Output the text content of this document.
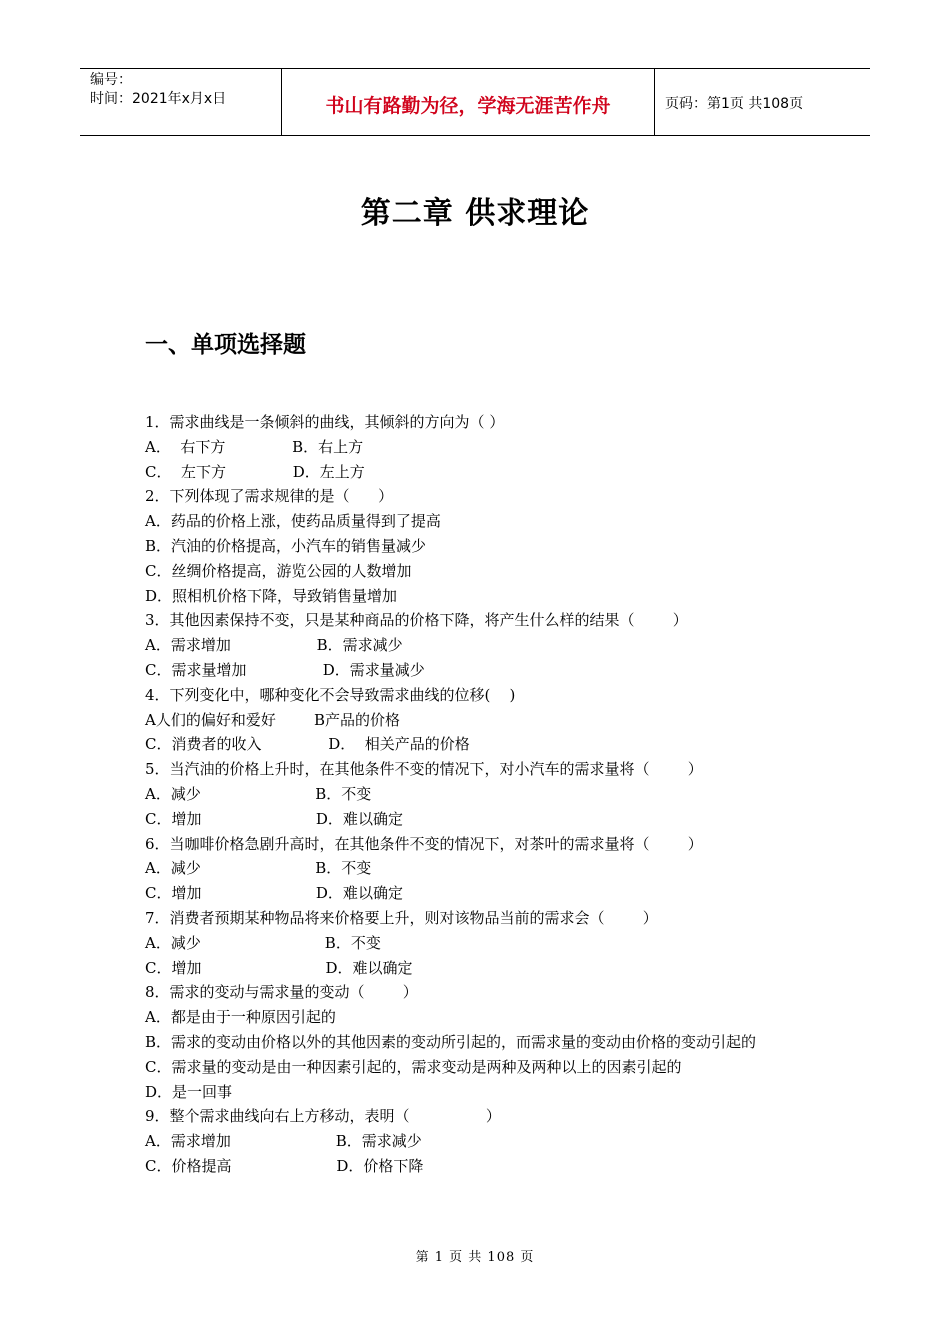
编号：
时间：2021年x月x日	书山有路勤为径，学海无涯苦作舟	页码：第1页 共108页
第二章 供求理论
一、单项选择题
1．需求曲线是一条倾斜的曲线，其倾斜的方向为（ ）
A．  右下方              B．右上方
C．  左下方              D．左上方
2．下列体现了需求规律的是（      ）
A．药品的价格上涨，使药品质量得到了提高
B．汽油的价格提高，小汽车的销售量减少
C．丝绸价格提高，游览公园的人数增加
D．照相机价格下降，导致销售量增加
3．其他因素保持不变，只是某种商品的价格下降，将产生什么样的结果（        ）
A．需求增加                  B．需求减少
C．需求量增加                D．需求量减少
4．下列变化中，哪种变化不会导致需求曲线的位移(    )
A人们的偏好和爱好        B产品的价格
C．消费者的收入              D．  相关产品的价格
5．当汽油的价格上升时，在其他条件不变的情况下，对小汽车的需求量将（        ）
A．减少                        B．不变
C．增加                        D．难以确定
6．当咖啡价格急剧升高时，在其他条件不变的情况下，对茶叶的需求量将（        ）
A．减少                        B．不变
C．增加                        D．难以确定
7．消费者预期某种物品将来价格要上升，则对该物品当前的需求会（        ）
A．减少                          B．不变
C．增加                          D．难以确定
8．需求的变动与需求量的变动（        ）
A．都是由于一种原因引起的
B．需求的变动由价格以外的其他因素的变动所引起的，而需求量的变动由价格的变动引起的
C．需求量的变动是由一种因素引起的，需求变动是两种及两种以上的因素引起的
D．是一回事
9．整个需求曲线向右上方移动，表明（                ）
A．需求增加                      B．需求减少
C．价格提高                      D．价格下降
第 1 页 共 108 页
